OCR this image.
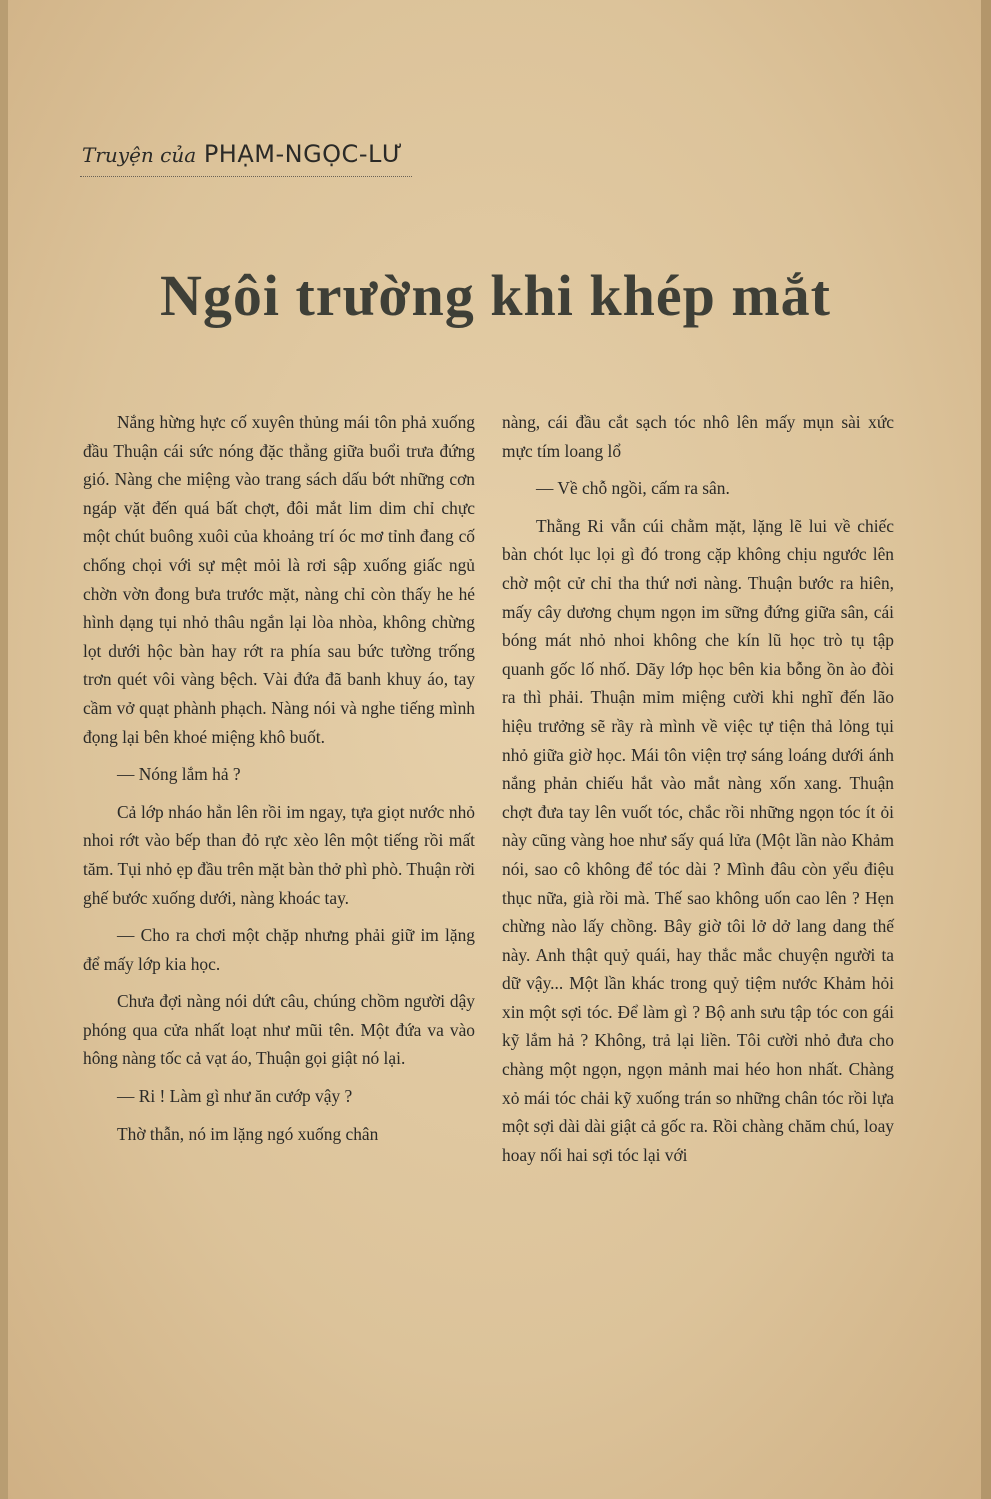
Truyện của PHẠM-NGỌC-LƯ
Ngôi trường khi khép mắt

Nắng hừng hực cố xuyên thủng mái tôn phả xuống đầu Thuận cái sức nóng đặc thẳng giữa buổi trưa đứng gió. Nàng che miệng vào trang sách dấu bớt những cơn ngáp vặt đến quá bất chợt, đôi mắt lim dim chỉ chực một chút buông xuôi của khoảng trí óc mơ tỉnh đang cố chống chọi với sự mệt mỏi là rơi sập xuống giấc ngủ chờn vờn đong bưa trước mặt, nàng chỉ còn thấy he hé hình dạng tụi nhỏ thâu ngắn lại lòa nhòa, không chừng lọt dưới hộc bàn hay rớt ra phía sau bức tường trống trơn quét vôi vàng bệch. Vài đứa đã banh khuy áo, tay cầm vở quạt phành phạch. Nàng nói và nghe tiếng mình đọng lại bên khoé miệng khô buốt.

— Nóng lắm hả ?

Cả lớp nháo hẳn lên rồi im ngay, tựa giọt nước nhỏ nhoi rớt vào bếp than đỏ rực xèo lên một tiếng rồi mất tăm. Tụi nhỏ ẹp đầu trên mặt bàn thở phì phò. Thuận rời ghế bước xuống dưới, nàng khoác tay.

— Cho ra chơi một chặp nhưng phải giữ im lặng để mấy lớp kia học.

Chưa đợi nàng nói dứt câu, chúng chồm người dậy phóng qua cửa nhất loạt như mũi tên. Một đứa va vào hông nàng tốc cả vạt áo, Thuận gọi giật nó lại.

— Ri ! Làm gì như ăn cướp vậy ?

Thờ thẫn, nó im lặng ngó xuống chân

nàng, cái đầu cắt sạch tóc nhô lên mấy mụn sài xức mực tím loang lổ

— Về chỗ ngồi, cấm ra sân.

Thằng Ri vẫn cúi chằm mặt, lặng lẽ lui về chiếc bàn chót lục lọi gì đó trong cặp không chịu ngước lên chờ một cử chỉ tha thứ nơi nàng. Thuận bước ra hiên, mấy cây dương chụm ngọn im sững đứng giữa sân, cái bóng mát nhỏ nhoi không che kín lũ học trò tụ tập quanh gốc lố nhố. Dãy lớp học bên kia bỗng ồn ào đòi ra thì phải. Thuận mỉm miệng cười khi nghĩ đến lão hiệu trưởng sẽ rầy rà mình về việc tự tiện thả lỏng tụi nhỏ giữa giờ học. Mái tôn viện trợ sáng loáng dưới ánh nắng phản chiếu hắt vào mắt nàng xốn xang. Thuận chợt đưa tay lên vuốt tóc, chắc rồi những ngọn tóc ít ỏi này cũng vàng hoe như sấy quá lửa (Một lần nào Khảm nói, sao cô không để tóc dài ? Mình đâu còn yểu điệu thục nữa, già rồi mà. Thế sao không uốn cao lên ? Hẹn chừng nào lấy chồng. Bây giờ tôi lở dở lang dang thế này. Anh thật quỷ quái, hay thắc mắc chuyện người ta dữ vậy... Một lần khác trong quỷ tiệm nước Khảm hỏi xin một sợi tóc. Để làm gì ? Bộ anh sưu tập tóc con gái kỹ lắm hả ? Không, trả lại liền. Tôi cười nhỏ đưa cho chàng một ngọn, ngọn mảnh mai héo hon nhất. Chàng xỏ mái tóc chải kỹ xuống trán so những chân tóc rồi lựa một sợi dài dài giật cả gốc ra. Rồi chàng chăm chú, loay hoay nối hai sợi tóc lại với
